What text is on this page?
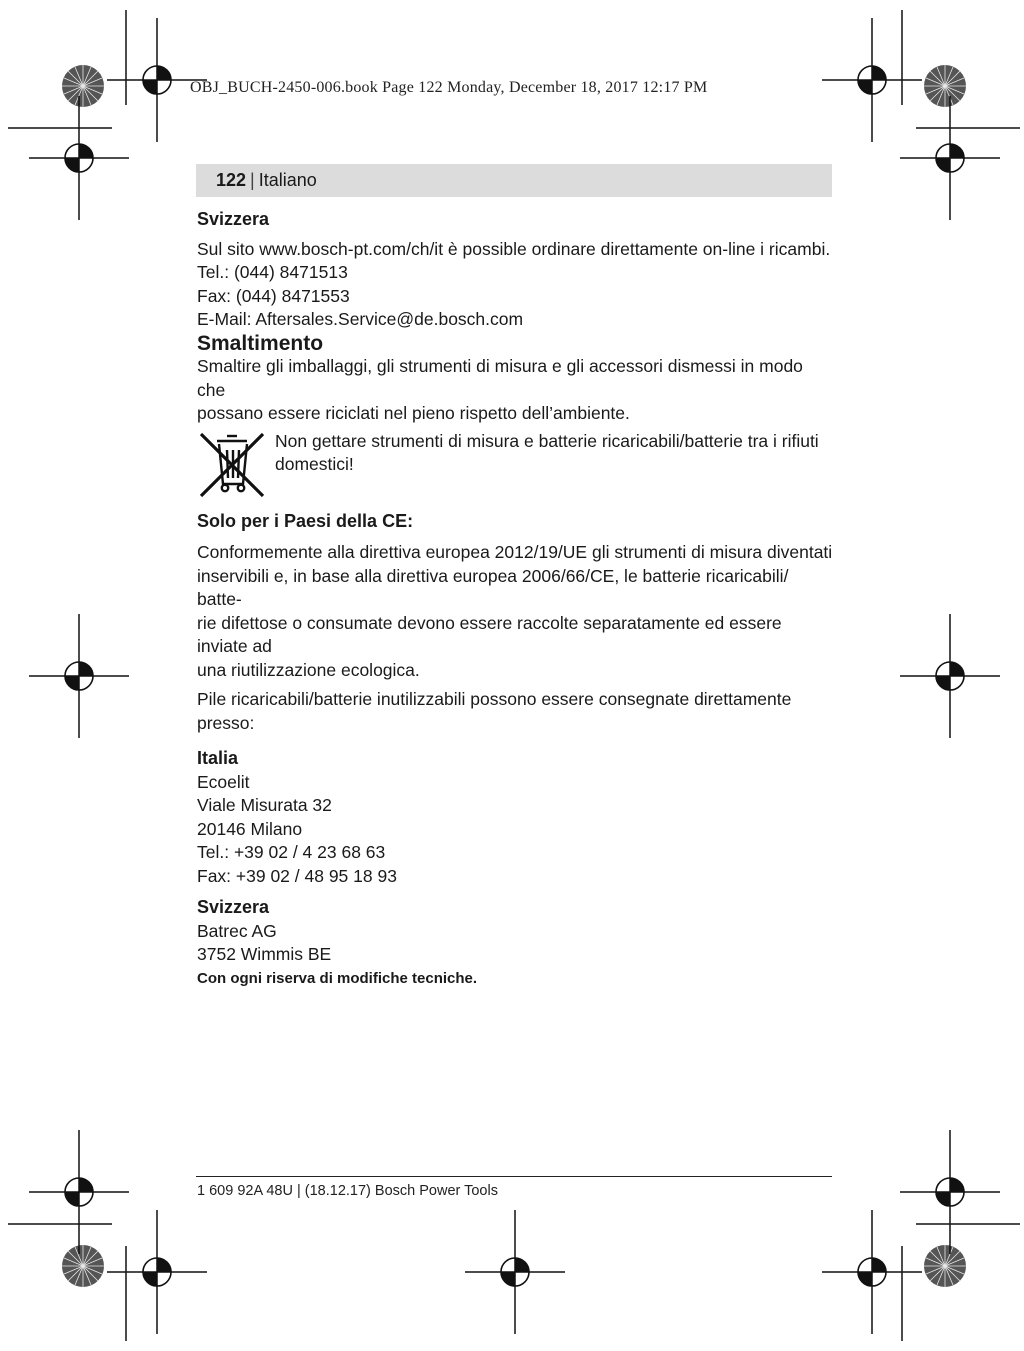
OBJ_BUCH-2450-006.book Page 122 Monday, December 18, 2017 12:17 PM

122 | Italiano

Svizzera

Sul sito www.bosch-pt.com/ch/it è possible ordinare direttamente on-line i ricambi.

Tel.: (044) 8471513

Fax: (044) 8471553

E-Mail: Aftersales.Service@de.bosch.com

Smaltimento

Smaltire gli imballaggi, gli strumenti di misura e gli accessori dismessi in modo che

possano essere riciclati nel pieno rispetto dell’ambiente.

Non gettare strumenti di misura e batterie ricaricabili/batterie tra i rifiuti

domestici!

Solo per i Paesi della CE:

Conformemente alla direttiva europea 2012/19/UE gli strumenti di misura diventati

inservibili e, in base alla direttiva europea 2006/66/CE, le batterie ricaricabili/ batte-

rie difettose o consumate devono essere raccolte separatamente ed essere inviate ad

una riutilizzazione ecologica.

Pile ricaricabili/batterie inutilizzabili possono essere consegnate direttamente presso:

Italia

Ecoelit

Viale Misurata 32

20146 Milano

Tel.: +39 02 / 4 23 68 63

Fax: +39 02 / 48 95 18 93

Svizzera

Batrec AG

3752 Wimmis BE

Con ogni riserva di modifiche tecniche.

1 609 92A 48U | (18.12.17) Bosch Power Tools
